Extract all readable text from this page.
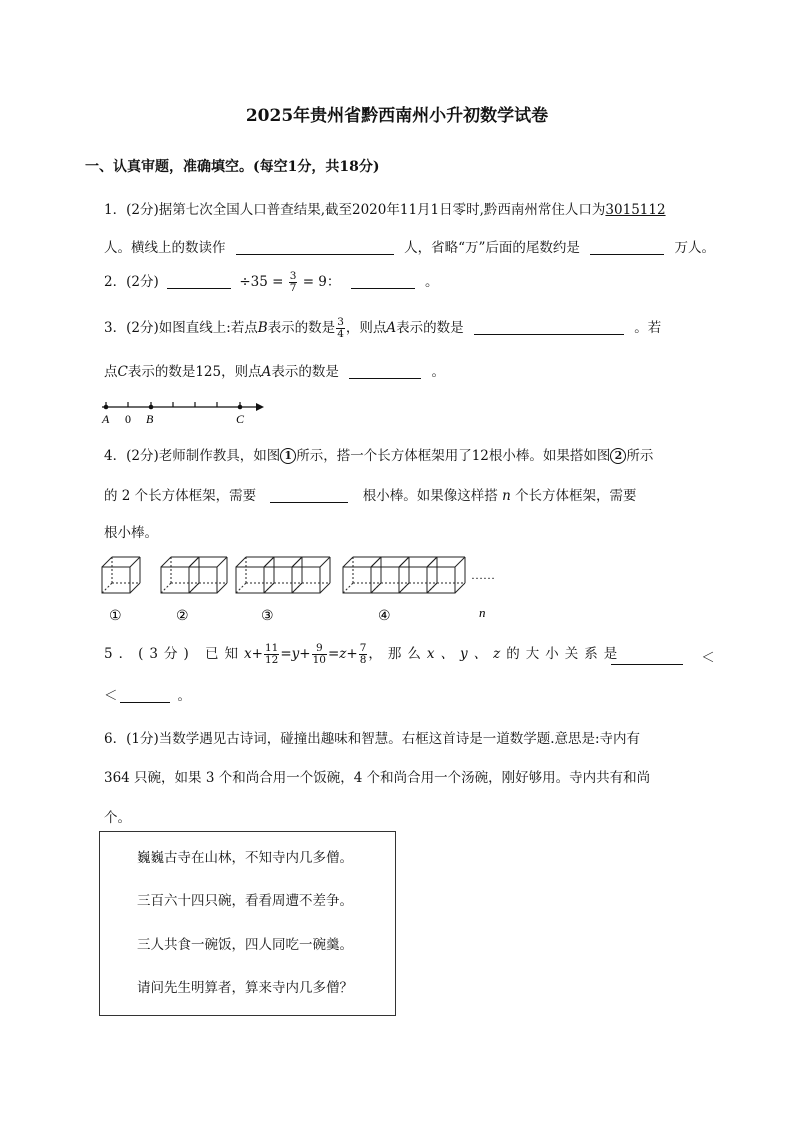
2025年贵州省黔西南州小升初数学试卷
一、认真审题，准确填空。(每空1分，共18分)
1．(2分)据第七次全国人口普查结果,截至2020年11月1日零时,黔西南州常住人口为3015112
人。横线上的数读作	人，省略“万”后面的尾数约是	万人。
2．(2分)	$\div 35 = \frac{3}{7} = 9$：	。
3．(2分)如图直线上:若点B表示的数是 $\frac{3}{4}$ ，则点A表示的数是	。若
点C表示的数是125，则点A表示的数是	。
A 0 B	C
4．(2分)老师制作教具，如图 1 所示，搭一个长方体框架用了12根小棒。如果搭如图 2 所示
的 2 个长方体框架，需要	根小棒。如果像这样搭 n 个长方体框架，需要
根小棒。
……
①	②	③	④	n
5．(3分) 已知$x+ \frac{11}{12} =y+ \frac{9}{10} =z+ \frac{7}{8}$ ，那么x、y、z的大小关系是	＜
＜	。
6．(1分)当数学遇见古诗词，碰撞出趣味和智慧。右框这首诗是一道数学题.意思是:寺内有
364 只碗，如果 3 个和尚合用一个饭碗，4 个和尚合用一个汤碗，刚好够用。寺内共有和尚
个。
巍巍古寺在山林，不知寺内几多僧。
三百六十四只碗，看看周遭不差争。
三人共食一碗饭，四人同吃一碗羹。
请问先生明算者，算来寺内几多僧？
